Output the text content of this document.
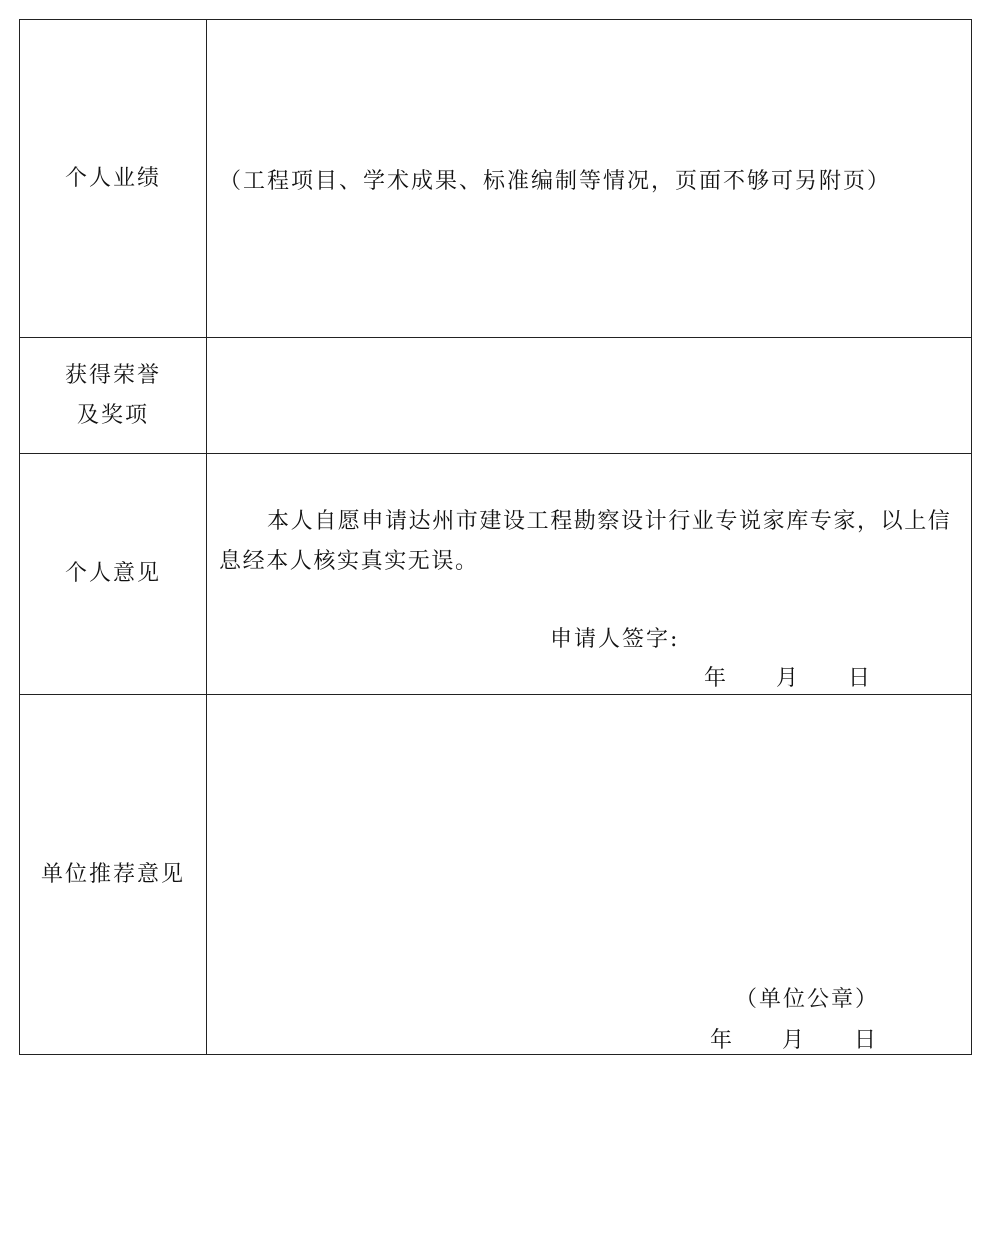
个人业绩	（工程项目、学术成果、标准编制等情况，页面不够可另附页）

获得荣誉
及奖项	

个人意见	本人自愿申请达州市建设工程勘察设计行业专说家库专家，以上信息经本人核实真实无误。

申请人签字:
年 月 日

单位推荐意见	（单位公章）
年 月 日
